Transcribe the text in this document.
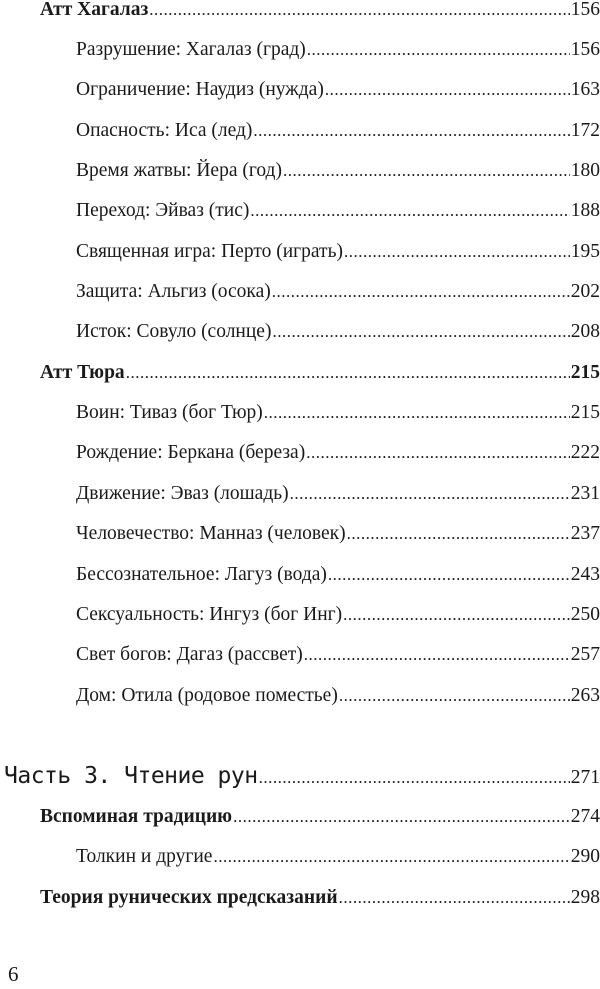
Атт Хагалаз .....	156
Разрушение: Хагалаз (град) .....	156
Ограничение: Наудиз (нужда) .....	163
Опасность: Иса (лед) .....	172
Время жатвы: Йера (год) .....	180
Переход: Эйваз (тис) .....	188
Священная игра: Перто (играть) .....	195
Защита: Альгиз (осока) .....	202
Исток: Совуло (солнце) .....	208
Атт Тюра .....	215
Воин: Тиваз (бог Тюр) .....	215
Рождение: Беркана (береза) .....	222
Движение: Эваз (лошадь) .....	231
Человечество: Манназ (человек) .....	237
Бессознательное: Лагуз (вода) .....	243
Сексуальность: Ингуз (бог Инг) .....	250
Свет богов: Дагаз (рассвет) .....	257
Дом: Отила (родовое поместье) .....	263
Часть 3. Чтение рун .....	271
Вспоминая традицию .....	274
Толкин и другие .....	290
Теория рунических предсказаний .....	298
6
